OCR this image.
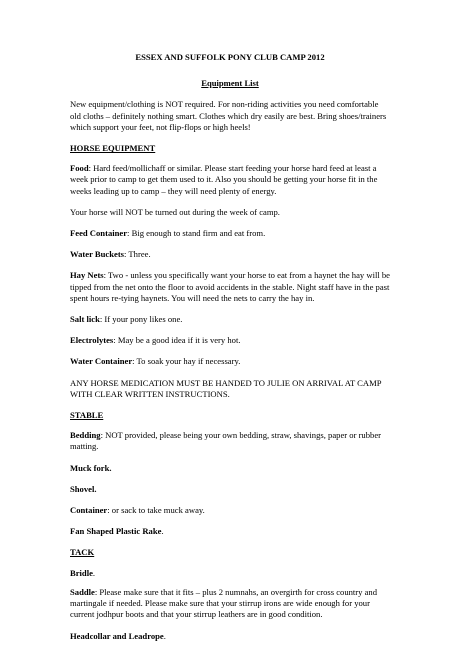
ESSEX AND SUFFOLK PONY CLUB CAMP 2012
Equipment List

New equipment/clothing is NOT required. For non-riding activities you need comfortable old cloths – definitely nothing smart. Clothes which dry easily are best. Bring shoes/trainers which support your feet, not flip-flops or high heels!

HORSE EQUIPMENT

Food: Hard feed/mollichaff or similar. Please start feeding your horse hard feed at least a week prior to camp to get them used to it. Also you should be getting your horse fit in the weeks leading up to camp – they will need plenty of energy.

Your horse will NOT be turned out during the week of camp.

Feed Container: Big enough to stand firm and eat from.

Water Buckets: Three.

Hay Nets: Two - unless you specifically want your horse to eat from a haynet the hay will be tipped from the net onto the floor to avoid accidents in the stable. Night staff have in the past spent hours re-tying haynets. You will need the nets to carry the hay in.

Salt lick: If your pony likes one.

Electrolytes: May be a good idea if it is very hot.

Water Container: To soak your hay if necessary.

ANY HORSE MEDICATION MUST BE HANDED TO JULIE ON ARRIVAL AT CAMP WITH CLEAR WRITTEN INSTRUCTIONS.

STABLE

Bedding: NOT provided, please being your own bedding, straw, shavings, paper or rubber matting.

Muck fork.

Shovel.

Container: or sack to take muck away.

Fan Shaped Plastic Rake.

TACK

Bridle.

Saddle: Please make sure that it fits – plus 2 numnahs, an overgirth for cross country and martingale if needed. Please make sure that your stirrup irons are wide enough for your current jodhpur boots and that your stirrup leathers are in good condition.

Headcollar and Leadrope.
